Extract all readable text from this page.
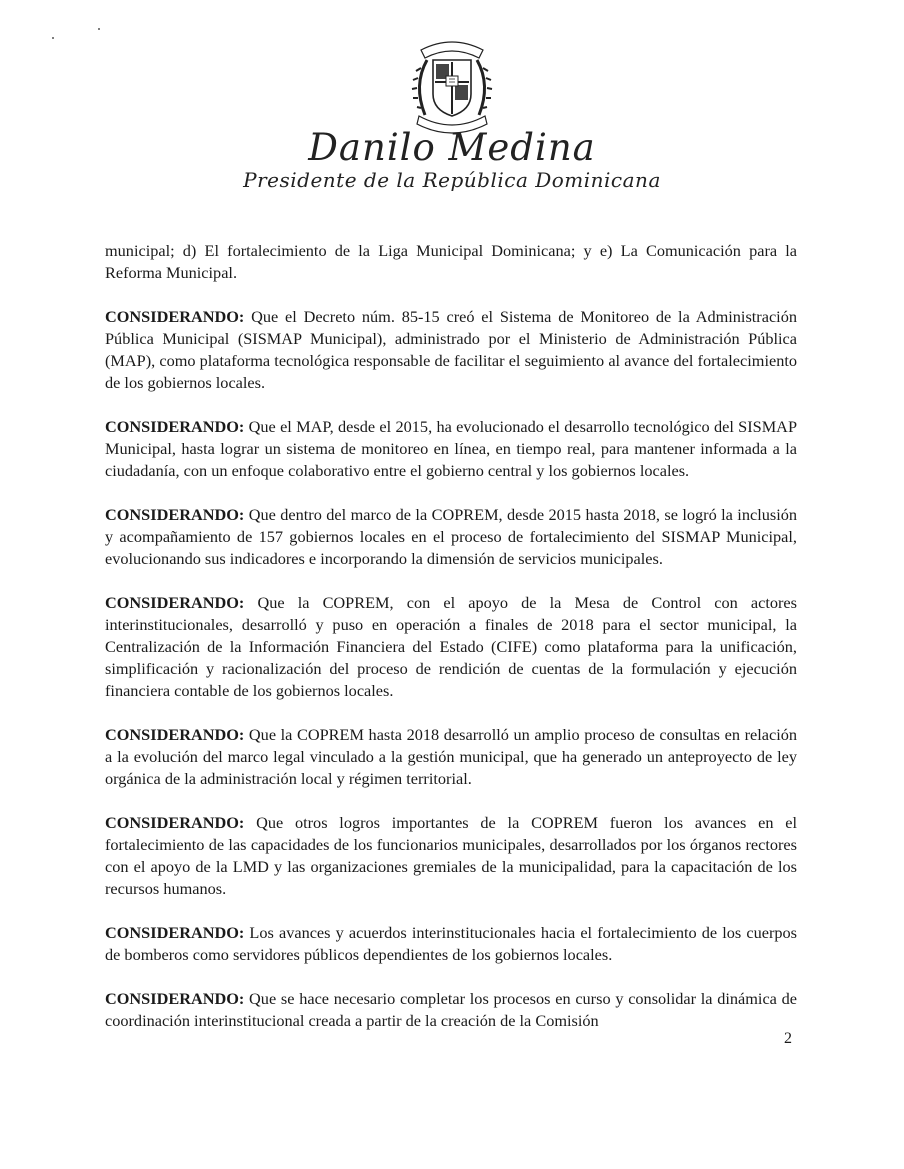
Danilo Medina
Presidente de la República Dominicana

municipal; d) El fortalecimiento de la Liga Municipal Dominicana; y e) La Comunicación para la Reforma Municipal.

CONSIDERANDO: Que el Decreto núm. 85-15 creó el Sistema de Monitoreo de la Administración Pública Municipal (SISMAP Municipal), administrado por el Ministerio de Administración Pública (MAP), como plataforma tecnológica responsable de facilitar el seguimiento al avance del fortalecimiento de los gobiernos locales.

CONSIDERANDO: Que el MAP, desde el 2015, ha evolucionado el desarrollo tecnológico del SISMAP Municipal, hasta lograr un sistema de monitoreo en línea, en tiempo real, para mantener informada a la ciudadanía, con un enfoque colaborativo entre el gobierno central y los gobiernos locales.

CONSIDERANDO: Que dentro del marco de la COPREM, desde 2015 hasta 2018, se logró la inclusión y acompañamiento de 157 gobiernos locales en el proceso de fortalecimiento del SISMAP Municipal, evolucionando sus indicadores e incorporando la dimensión de servicios municipales.

CONSIDERANDO: Que la COPREM, con el apoyo de la Mesa de Control con actores interinstitucionales, desarrolló y puso en operación a finales de 2018 para el sector municipal, la Centralización de la Información Financiera del Estado (CIFE) como plataforma para la unificación, simplificación y racionalización del proceso de rendición de cuentas de la formulación y ejecución financiera contable de los gobiernos locales.

CONSIDERANDO: Que la COPREM hasta 2018 desarrolló un amplio proceso de consultas en relación a la evolución del marco legal vinculado a la gestión municipal, que ha generado un anteproyecto de ley orgánica de la administración local y régimen territorial.

CONSIDERANDO: Que otros logros importantes de la COPREM fueron los avances en el fortalecimiento de las capacidades de los funcionarios municipales, desarrollados por los órganos rectores con el apoyo de la LMD y las organizaciones gremiales de la municipalidad, para la capacitación de los recursos humanos.

CONSIDERANDO: Los avances y acuerdos interinstitucionales hacia el fortalecimiento de los cuerpos de bomberos como servidores públicos dependientes de los gobiernos locales.

CONSIDERANDO: Que se hace necesario completar los procesos en curso y consolidar la dinámica de coordinación interinstitucional creada a partir de la creación de la Comisión

2
